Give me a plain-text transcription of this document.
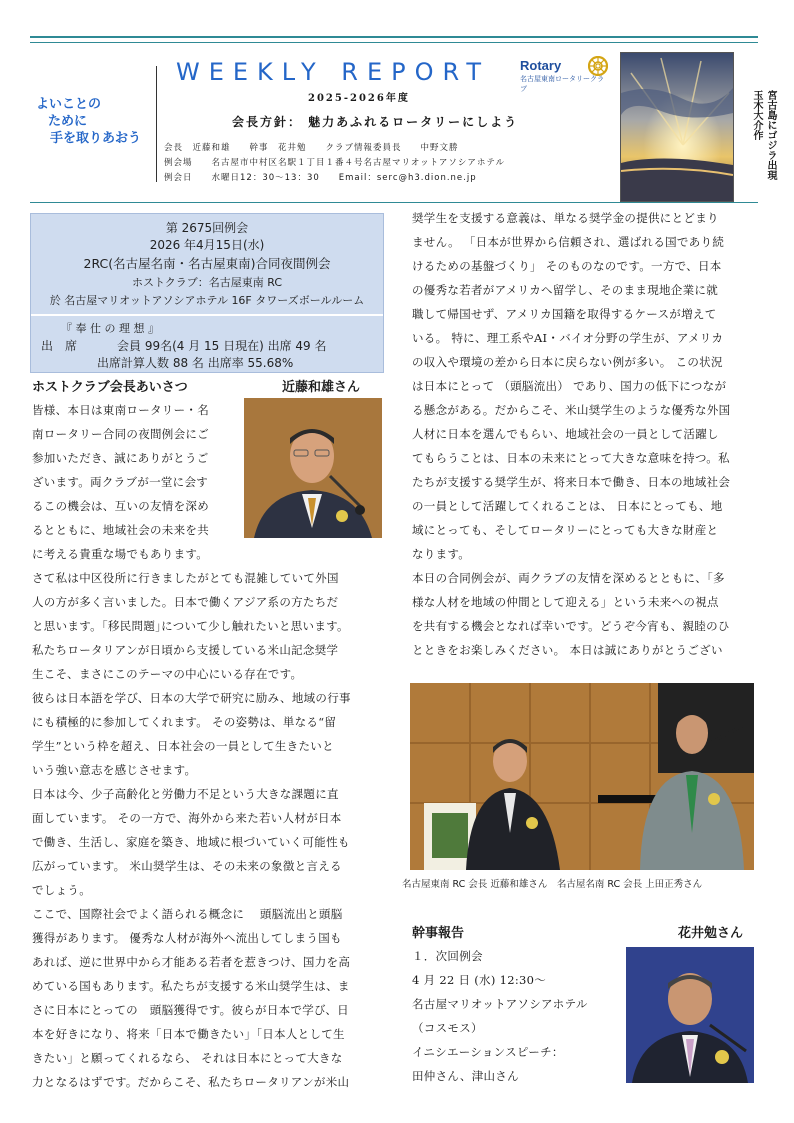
よいことの
ために
手を取りあおう
WEEKLY REPORT Rotary
名古屋東南ロータリークラブ
2025-2026年度
会長方針： 魅力あふれるロータリーにしよう
会長　近藤和雄　　幹事　花井勉　　クラブ情報委員長　　中野文勝
例会場　　名古屋市中村区名駅１丁目１番４号名古屋マリオットアソシアホテル
例会日　　水曜日12：30～13：30　　Email：serc@h3.dion.ne.jp	宮古島にゴジラ出現
玉木大介作
第 2675回例会
2026 年4月15日(水)
2RC(名古屋名南・名古屋東南)合同夜間例会
ホストクラブ：名古屋東南 RC
於 名古屋マリオットアソシアホテル 16F タワーズボールルーム
『 奉 仕 の 理 想 』
出　席	会員 99名(4 月 15 日現在) 出席 49 名
出席計算人数 88 名 出席率 55.68%
ホストクラブ会長あいさつ	近藤和雄さん
皆様、本日は東南ロータリー・名
南ロータリー合同の夜間例会にご
参加いただき、誠にありがとうご
ざいます。両クラブが一堂に会す
るこの機会は、互いの友情を深め
るとともに、地域社会の未来を共
に考える貴重な場でもあります。
さて私は中区役所に行きましたがとても混雑していて外国
人の方が多く言いました。日本で働くアジア系の方たちだ
と思います。｢移民問題｣について少し触れたいと思います。
私たちロータリアンが日頃から支援している米山記念奨学
生こそ、まさにこのテーマの中心にいる存在です。
彼らは日本語を学び、日本の大学で研究に励み、地域の行事
にも積極的に参加してくれます。 その姿勢は、単なる“留
学生”という枠を超え、日本社会の一員として生きたいと
いう強い意志を感じさせます。
日本は今、少子高齢化と労働力不足という大きな課題に直
面しています。 その一方で、海外から来た若い人材が日本
で働き、生活し、家庭を築き、地域に根づいていく可能性も
広がっています。 米山奨学生は、その未来の象徴と言える
でしょう。
ここで、国際社会でよく語られる概念に　 頭脳流出と頭脳
獲得があります。 優秀な人材が海外へ流出してしまう国も
あれば、逆に世界中から才能ある若者を惹きつけ、国力を高
めている国もあります。私たちが支援する米山奨学生は、ま
さに日本にとっての　頭脳獲得です。彼らが日本で学び、日
本を好きになり、将来「日本で働きたい」「日本人として生
きたい」と願ってくれるなら、 それは日本にとって大きな
力となるはずです。だからこそ、私たちロータリアンが米山
奨学生を支援する意義は、単なる奨学金の提供にとどまり
ません。 「日本が世界から信頼され、選ばれる国であり続
けるための基盤づくり」 そのものなのです。一方で、日本
の優秀な若者がアメリカへ留学し、そのまま現地企業に就
職して帰国せず、アメリカ国籍を取得するケースが増えて
いる。 特に、理工系やAI・バイオ分野の学生が、アメリカ
の収入や環境の差から日本に戻らない例が多い。 この状況
は日本にとって （頭脳流出） であり、国力の低下につなが
る懸念がある。だからこそ、米山奨学生のような優秀な外国
人材に日本を選んでもらい、地域社会の一員として活躍し
てもらうことは、日本の未来にとって大きな意味を持つ。私
たちが支援する奨学生が、将来日本で働き、日本の地域社会
の一員として活躍してくれることは、 日本にとっても、地
域にとっても、そしてロータリーにとっても大きな財産と
なります。
本日の合同例会が、両クラブの友情を深めるとともに、「多
様な人材を地域の仲間として迎える」という未来への視点
を共有する機会となれば幸いです。どうぞ今宵も、親睦のひ
とときをお楽しみください。 本日は誠にありがとうござい
名古屋東南 RC 会長 近藤和雄さん　名古屋名南 RC 会長 上田正秀さん
幹事報告	花井勉さん
１．次回例会
4 月 22 日 (水) 12:30～
名古屋マリオットアソシアホテル
（コスモス）
イニシエーションスピーチ：
田仲さん、津山さん
